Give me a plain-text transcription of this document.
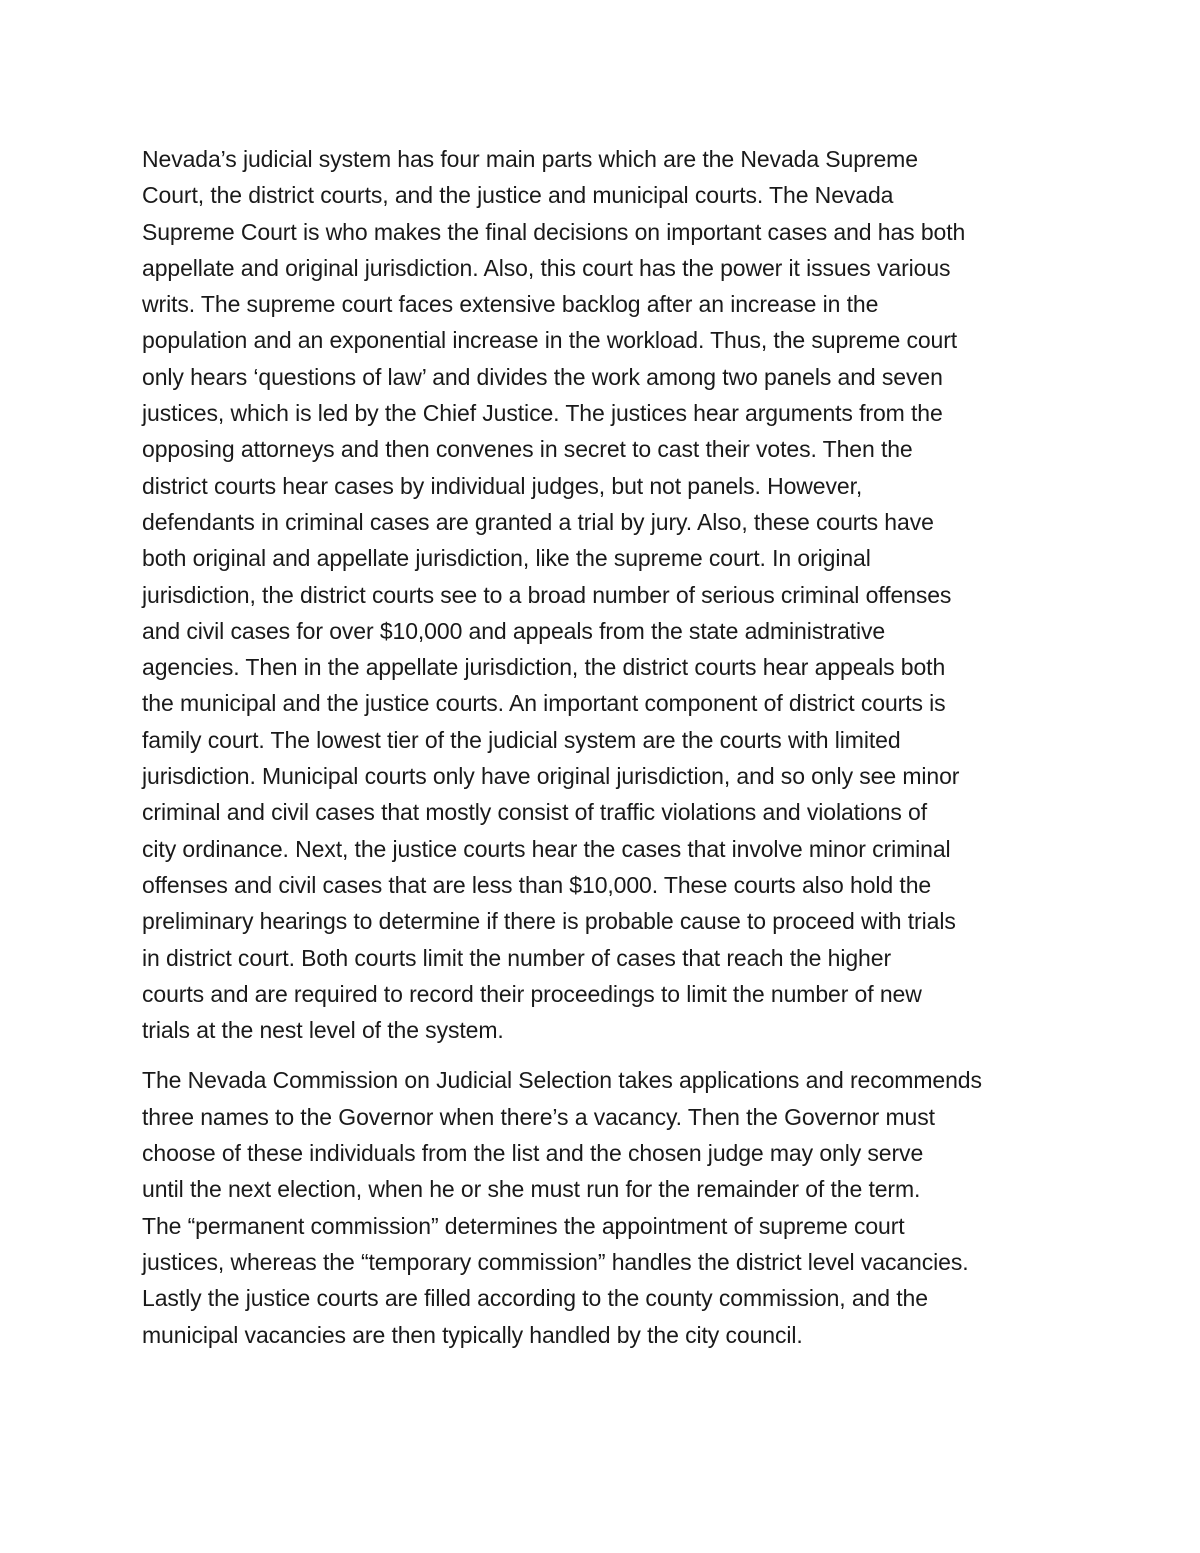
Nevada’s judicial system has four main parts which are the Nevada Supreme
Court, the district courts, and the justice and municipal courts. The Nevada
Supreme Court is who makes the final decisions on important cases and has both
appellate and original jurisdiction. Also, this court has the power it issues various
writs. The supreme court faces extensive backlog after an increase in the
population and an exponential increase in the workload. Thus, the supreme court
only hears ‘questions of law’ and divides the work among two panels and seven
justices, which is led by the Chief Justice. The justices hear arguments from the
opposing attorneys and then convenes in secret to cast their votes. Then the
district courts hear cases by individual judges, but not panels. However,
defendants in criminal cases are granted a trial by jury. Also, these courts have
both original and appellate jurisdiction, like the supreme court. In original
jurisdiction, the district courts see to a broad number of serious criminal offenses
and civil cases for over $10,000 and appeals from the state administrative
agencies. Then in the appellate jurisdiction, the district courts hear appeals both
the municipal and the justice courts. An important component of district courts is
family court. The lowest tier of the judicial system are the courts with limited
jurisdiction. Municipal courts only have original jurisdiction, and so only see minor
criminal and civil cases that mostly consist of traffic violations and violations of
city ordinance. Next, the justice courts hear the cases that involve minor criminal
offenses and civil cases that are less than $10,000. These courts also hold the
preliminary hearings to determine if there is probable cause to proceed with trials
in district court. Both courts limit the number of cases that reach the higher
courts and are required to record their proceedings to limit the number of new
trials at the nest level of the system.
The Nevada Commission on Judicial Selection takes applications and recommends
three names to the Governor when there’s a vacancy. Then the Governor must
choose of these individuals from the list and the chosen judge may only serve
until the next election, when he or she must run for the remainder of the term.
The “permanent commission” determines the appointment of supreme court
justices, whereas the “temporary commission” handles the district level vacancies.
Lastly the justice courts are filled according to the county commission, and the
municipal vacancies are then typically handled by the city council.
